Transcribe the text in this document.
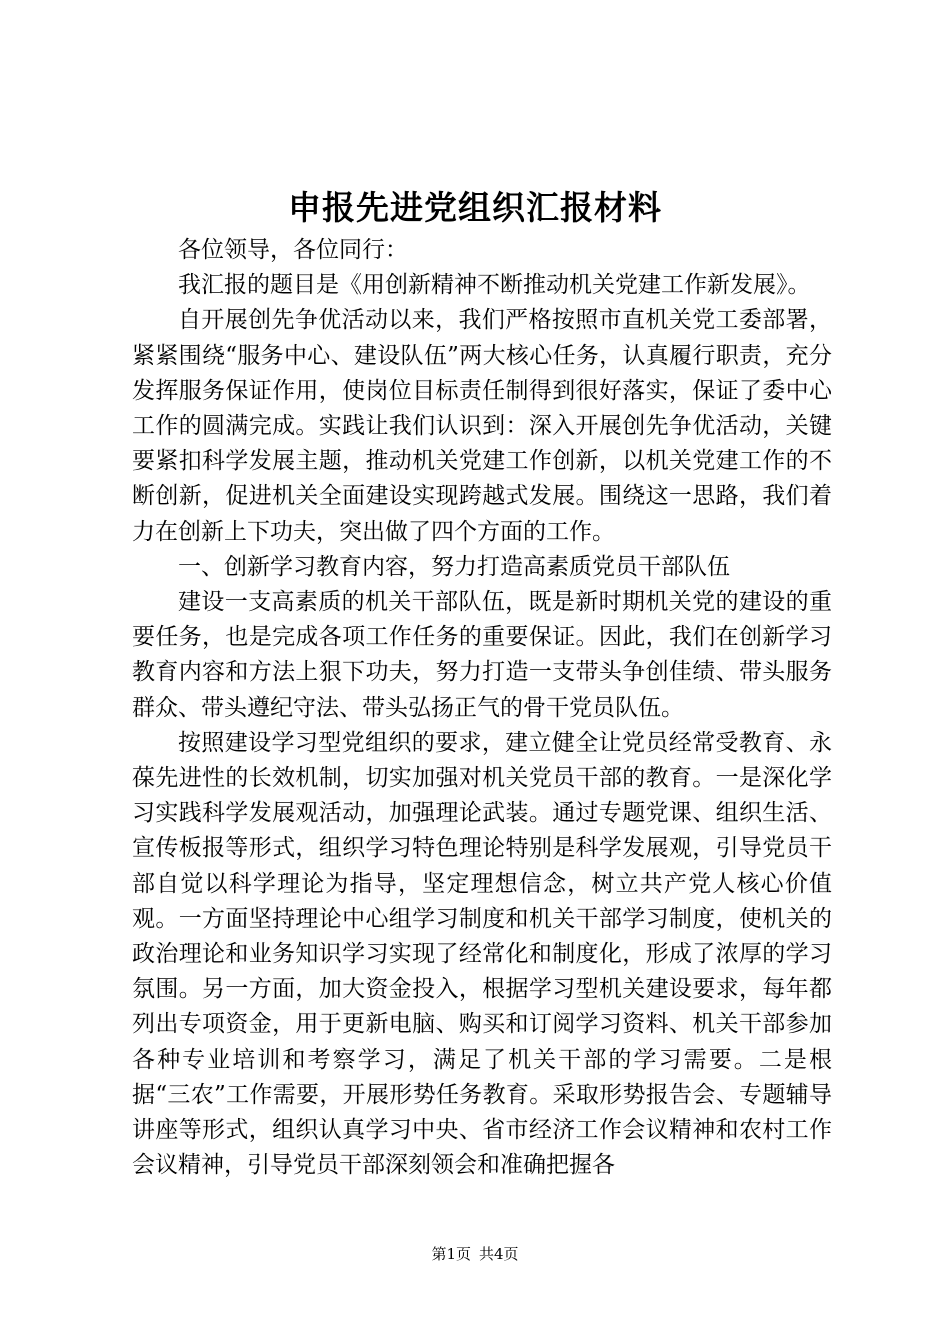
申报先进党组织汇报材料

各位领导，各位同行：

我汇报的题目是《用创新精神不断推动机关党建工作新发展》。

自开展创先争优活动以来，我们严格按照市直机关党工委部署，紧紧围绕“服务中心、建设队伍”两大核心任务，认真履行职责，充分发挥服务保证作用，使岗位目标责任制得到很好落实，保证了委中心工作的圆满完成。实践让我们认识到：深入开展创先争优活动，关键要紧扣科学发展主题，推动机关党建工作创新，以机关党建工作的不断创新，促进机关全面建设实现跨越式发展。围绕这一思路，我们着力在创新上下功夫，突出做了四个方面的工作。

一、创新学习教育内容，努力打造高素质党员干部队伍

建设一支高素质的机关干部队伍，既是新时期机关党的建设的重要任务，也是完成各项工作任务的重要保证。因此，我们在创新学习教育内容和方法上狠下功夫，努力打造一支带头争创佳绩、带头服务群众、带头遵纪守法、带头弘扬正气的骨干党员队伍。

按照建设学习型党组织的要求，建立健全让党员经常受教育、永葆先进性的长效机制，切实加强对机关党员干部的教育。一是深化学习实践科学发展观活动，加强理论武装。通过专题党课、组织生活、宣传板报等形式，组织学习特色理论特别是科学发展观，引导党员干部自觉以科学理论为指导，坚定理想信念，树立共产党人核心价值观。一方面坚持理论中心组学习制度和机关干部学习制度，使机关的政治理论和业务知识学习实现了经常化和制度化，形成了浓厚的学习氛围。另一方面，加大资金投入，根据学习型机关建设要求，每年都列出专项资金，用于更新电脑、购买和订阅学习资料、机关干部参加各种专业培训和考察学习，满足了机关干部的学习需要。二是根据“三农”工作需要，开展形势任务教育。采取形势报告会、专题辅导讲座等形式，组织认真学习中央、省市经济工作会议精神和农村工作会议精神，引导党员干部深刻领会和准确把握各

第1页 共4页
